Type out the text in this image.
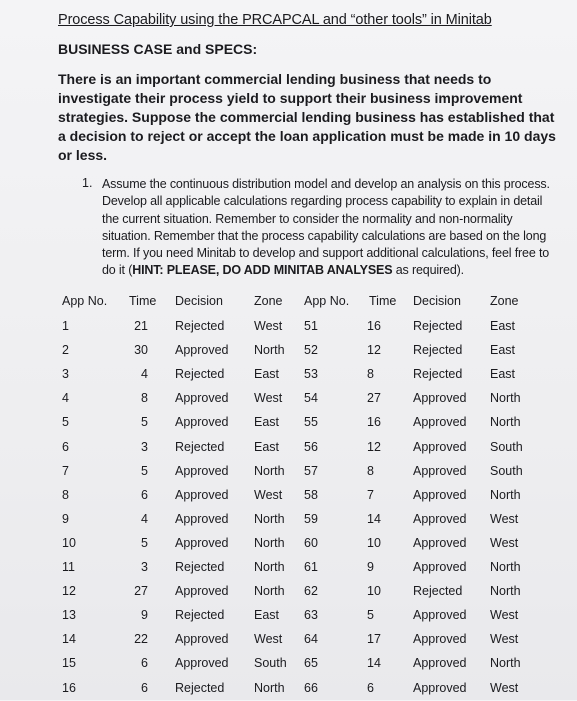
Process Capability using the PRCAPCAL and “other tools” in Minitab
BUSINESS CASE and SPECS:
There is an important commercial lending business that needs to investigate their process yield to support their business improvement strategies. Suppose the commercial lending business has established that a decision to reject or accept the loan application must be made in 10 days or less.
1. Assume the continuous distribution model and develop an analysis on this process. Develop all applicable calculations regarding process capability to explain in detail the current situation. Remember to consider the normality and non-normality situation. Remember that the process capability calculations are based on the long term. If you need Minitab to develop and support additional calculations, feel free to do it (HINT: PLEASE, DO ADD MINITAB ANALYSES as required).
App No. Time Decision Zone App No. Time	Decision Zone
1	21 Rejected West 51	16	Rejected East
2	30 Approved North 52	12	Rejected East
3	4 Rejected East 53	8	Rejected East
4	8 Approved West 54	27	Approved North
5	5 Approved East 55	16	Approved North
6	3 Rejected East 56	12	Approved South
7	5 Approved North 57	8	Approved South
8	6 Approved West 58	7	Approved North
9	4 Approved North 59	14	Approved West
10	5 Approved North 60	10	Approved West
11	3 Rejected North 61	9	Approved North
12	27 Approved North 62	10	Rejected North
13	9 Rejected East 63	5	Approved West
14	22 Approved West 64	17	Approved West
15	6 Approved South 65	14	Approved North
16	6 Rejected North 66	6	Approved West
